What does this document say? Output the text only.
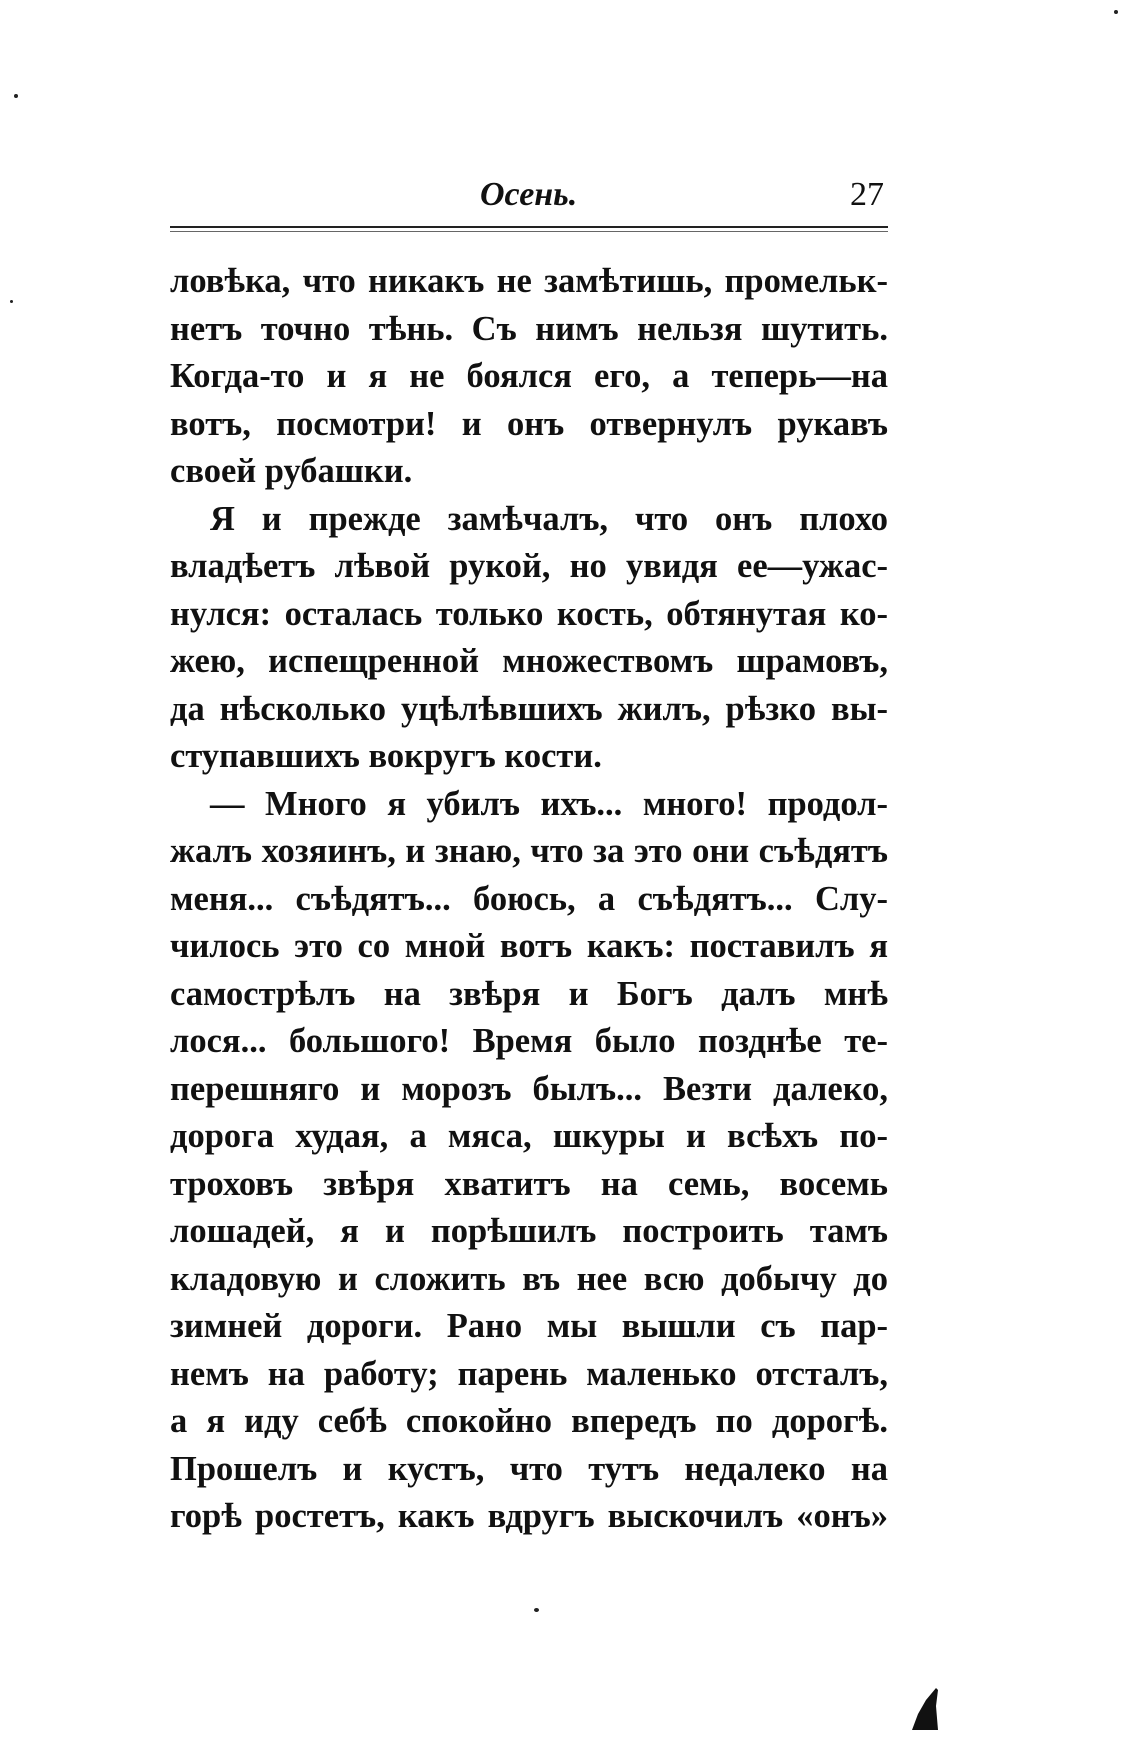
Осень.	27

ловѣка, что никакъ не замѣтишь, промельк-
нетъ точно тѣнь. Съ нимъ нельзя шутить.
Когда-то и я не боялся его, а теперь—на
вотъ, посмотри! и онъ отвернулъ рукавъ
своей рубашки.

Я и прежде замѣчалъ, что онъ плохо
владѣетъ лѣвой рукой, но увидя ее—ужас-
нулся: осталась только кость, обтянутая ко-
жею, испещренной множествомъ шрамовъ,
да нѣсколько уцѣлѣвшихъ жилъ, рѣзко вы-
ступавшихъ вокругъ кости.

— Много я убилъ ихъ... много! продол-
жалъ хозяинъ, и знаю, что за это они съѣдятъ
меня... съѣдятъ... боюсь, а съѣдятъ... Слу-
чилось это со мной вотъ какъ: поставилъ я
самострѣлъ на звѣря и Богъ далъ мнѣ
лося... большого! Время было позднѣе те-
перешняго и морозъ былъ... Везти далеко,
дорога худая, а мяса, шкуры и всѣхъ по-
троховъ звѣря хватитъ на семь, восемь
лошадей, я и порѣшилъ построить тамъ
кладовую и сложить въ нее всю добычу до
зимней дороги. Рано мы вышли съ пар-
немъ на работу; парень маленько отсталъ,
а я иду себѣ спокойно впередъ по дорогѣ.
Прошелъ и кустъ, что тутъ недалеко на
горѣ ростетъ, какъ вдругъ выскочилъ «онъ»
